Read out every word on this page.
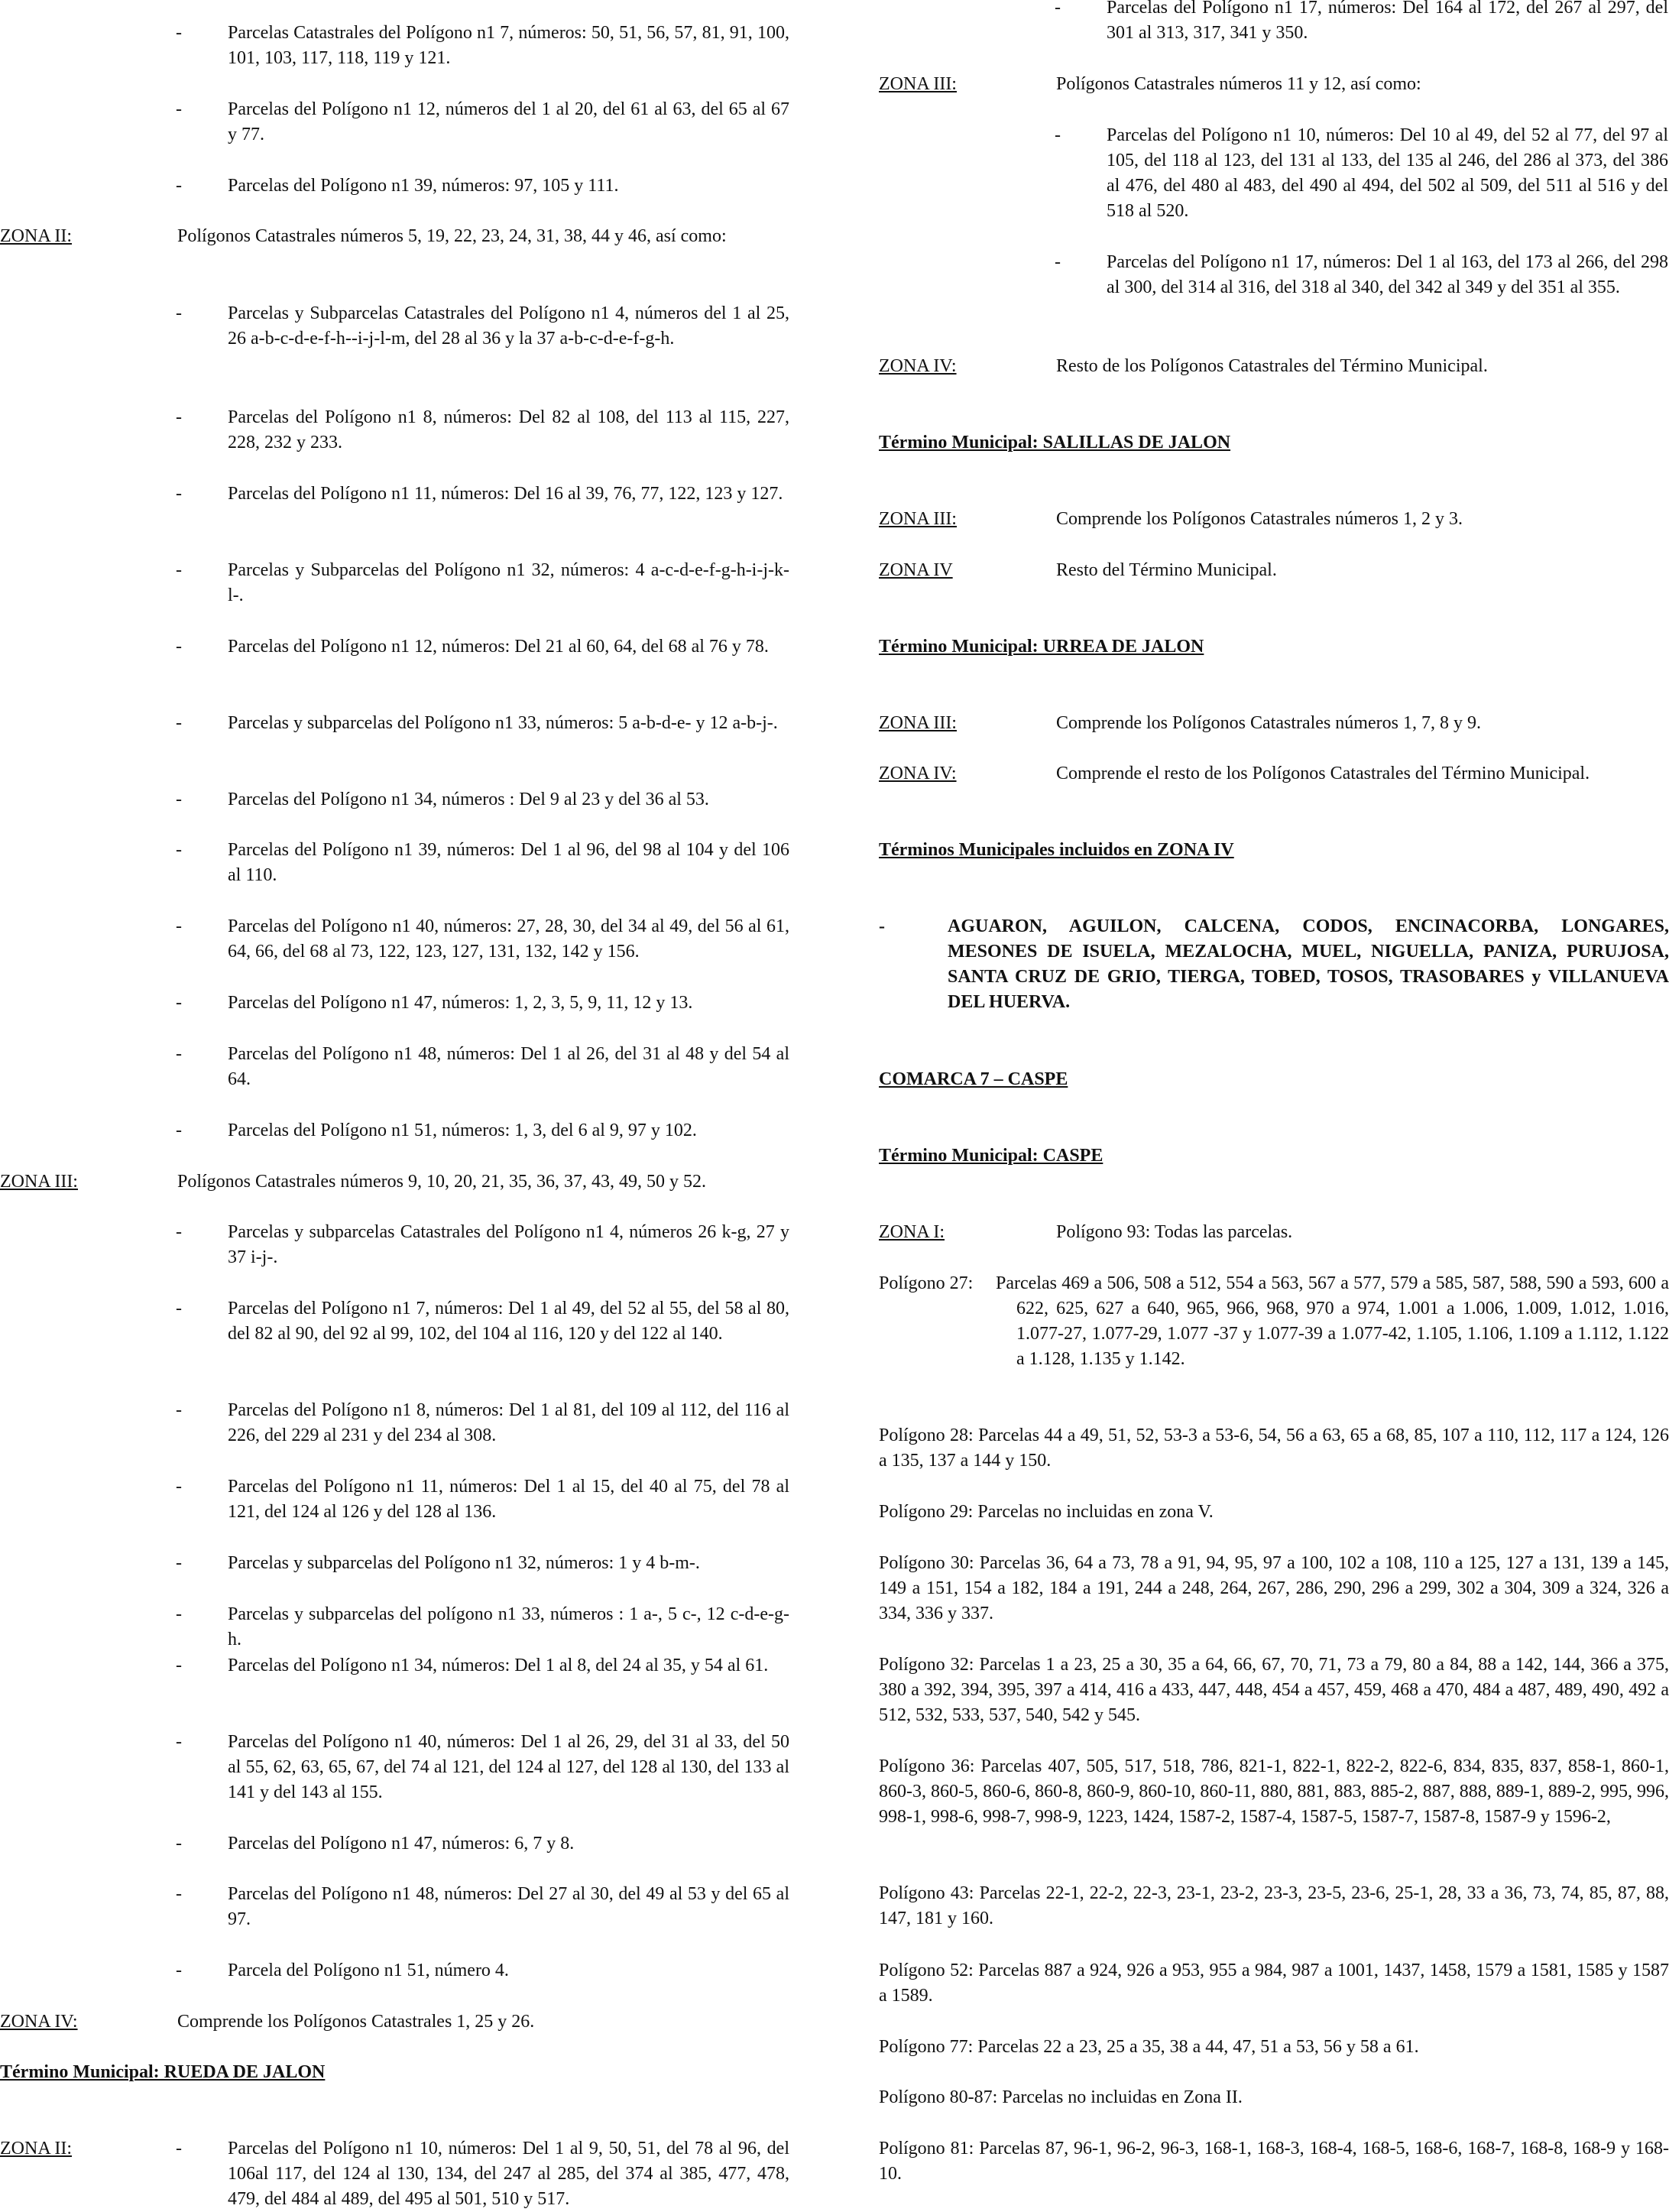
-	Parcelas Catastrales del Polígono n1 7, números: 50, 51, 56, 57, 81, 91, 100, 101, 103, 117, 118, 119 y 121.
-	Parcelas del Polígono n1 12, números del 1 al 20, del 61 al 63, del 65 al 67 y 77.
-	Parcelas del Polígono n1 39, números: 97, 105 y 111.
ZONA II:	Polígonos Catastrales números 5, 19, 22, 23, 24, 31, 38, 44 y 46, así como:
-	Parcelas y Subparcelas Catastrales del Polígono n1 4, números del 1 al 25, 26 a-b-c-d-e-f-h--i-j-l-m, del 28 al 36 y la 37 a-b-c-d-e-f-g-h.
-	Parcelas del Polígono n1 8, números: Del 82 al 108, del 113 al 115, 227, 228, 232 y 233.
-	Parcelas del Polígono n1 11, números: Del 16 al 39, 76, 77, 122, 123 y 127.
-	Parcelas y Subparcelas del Polígono n1 32, números: 4 a-c-d-e-f-g-h-i-j-k-l-.
-	Parcelas del Polígono n1 12, números: Del 21 al 60, 64, del 68 al 76 y 78.
-	Parcelas y subparcelas del Polígono n1 33, números: 5 a-b-d-e- y 12 a-b-j-.
-	Parcelas del Polígono n1 34, números : Del 9 al 23 y del 36 al 53.
-	Parcelas del Polígono n1 39, números: Del 1 al 96, del 98 al 104 y del 106 al 110.
-	Parcelas del Polígono n1 40, números: 27, 28, 30, del 34 al 49, del 56 al 61, 64, 66, del 68 al 73, 122, 123, 127, 131, 132, 142 y 156.
-	Parcelas del Polígono n1 47, números: 1, 2, 3, 5, 9, 11, 12 y 13.
-	Parcelas del Polígono n1 48, números: Del 1 al 26, del 31 al 48 y del 54 al 64.
-	Parcelas del Polígono n1 51, números: 1, 3, del 6 al 9, 97 y 102.
ZONA III:	Polígonos Catastrales números 9, 10, 20, 21, 35, 36, 37, 43, 49, 50 y 52.
-	Parcelas y subparcelas Catastrales del Polígono n1 4, números 26 k-g, 27 y 37 i-j-.
-	Parcelas del Polígono n1 7, números: Del 1 al 49, del 52 al 55, del 58 al 80, del 82 al 90, del 92 al 99, 102, del 104 al 116, 120 y del 122 al 140.
-	Parcelas del Polígono n1 8, números: Del 1 al 81, del 109 al 112, del 116 al 226, del 229 al 231 y del 234 al 308.
-	Parcelas del Polígono n1 11, números: Del 1 al 15, del 40 al 75, del 78 al 121, del 124 al 126 y del 128 al 136.
-	Parcelas y subparcelas del Polígono n1 32, números: 1 y 4 b-m-.
-	Parcelas y subparcelas del polígono n1 33, números : 1 a-, 5 c-, 12 c-d-e-g-h.
-	Parcelas del Polígono n1 34, números: Del 1 al 8, del 24 al 35, y 54 al 61.
-	Parcelas del Polígono n1 40, números: Del 1 al 26, 29, del 31 al 33, del 50 al 55, 62, 63, 65, 67, del 74 al 121, del 124 al 127, del 128 al 130, del 133 al 141 y del 143 al 155.
-	Parcelas del Polígono n1 47, números: 6, 7 y 8.
-	Parcelas del Polígono n1 48, números: Del 27 al 30, del 49 al 53 y del 65 al 97.
-	Parcela del Polígono n1 51, número 4.
ZONA IV:	Comprende los Polígonos Catastrales 1, 25 y 26.
Término Municipal: RUEDA DE JALON
ZONA II:	-	Parcelas del Polígono n1 10, números: Del 1 al 9, 50, 51, del 78 al 96, del 106al 117, del 124 al 130, 134, del 247 al 285, del 374 al 385, 477, 478, 479, del 484 al 489, del 495 al 501, 510 y 517.
-	Parcelas del Polígono n1 17, números: Del 164 al 172, del 267 al 297, del 301 al 313, 317, 341 y 350.
ZONA III:	Polígonos Catastrales números 11 y 12, así como:
-	Parcelas del Polígono n1 10, números: Del 10 al 49, del 52 al 77, del 97 al 105, del 118 al 123, del 131 al 133, del 135 al 246, del 286 al 373, del 386 al 476, del 480 al 483, del 490 al 494, del 502 al 509, del 511 al 516 y del 518 al 520.
-	Parcelas del Polígono n1 17, números: Del 1 al 163, del 173 al 266, del 298 al 300, del 314 al 316, del 318 al 340, del 342 al 349 y del 351 al 355.
ZONA IV:	Resto de los Polígonos Catastrales del Término Municipal.
Término Municipal: SALILLAS DE JALON
ZONA III:	Comprende los Polígonos Catastrales números 1, 2 y 3.
ZONA IV	Resto del Término Municipal.
Término Municipal: URREA DE JALON
ZONA III:	Comprende los Polígonos Catastrales números 1, 7, 8 y 9.
ZONA IV:	Comprende el resto de los Polígonos Catastrales del Término Municipal.
Términos Municipales incluidos en ZONA IV
-	AGUARON, AGUILON, CALCENA, CODOS, ENCINACORBA, LONGARES, MESONES DE ISUELA, MEZALOCHA, MUEL, NIGUELLA, PANIZA, PURUJOSA, SANTA CRUZ DE GRIO, TIERGA, TOBED, TOSOS, TRASOBARES y VILLANUEVA DEL HUERVA.
COMARCA 7 – CASPE
Término Municipal: CASPE
ZONA I:	Polígono 93: Todas las parcelas.
Polígono 27:	Parcelas 469 a 506, 508 a 512, 554 a 563, 567 a 577, 579 a 585, 587, 588, 590 a 593, 600 a 622, 625, 627 a 640, 965, 966, 968, 970 a 974, 1.001 a 1.006, 1.009, 1.012, 1.016, 1.077-27, 1.077-29, 1.077 -37 y 1.077-39 a 1.077-42, 1.105, 1.106, 1.109 a 1.112, 1.122 a 1.128, 1.135 y 1.142.
Polígono 28: Parcelas 44 a 49, 51, 52, 53-3 a 53-6, 54, 56 a 63, 65 a 68, 85, 107 a 110, 112, 117 a 124, 126 a 135, 137 a 144 y 150.
Polígono 29: Parcelas no incluidas en zona V.
Polígono 30: Parcelas 36, 64 a 73, 78 a 91, 94, 95, 97 a 100, 102 a 108, 110 a 125, 127 a 131, 139 a 145, 149 a 151, 154 a 182, 184 a 191, 244 a 248, 264, 267, 286, 290, 296 a 299, 302 a 304, 309 a 324, 326 a 334, 336 y 337.
Polígono 32: Parcelas 1 a 23, 25 a 30, 35 a 64, 66, 67, 70, 71, 73 a 79, 80 a 84, 88 a 142, 144, 366 a 375, 380 a 392, 394, 395, 397 a 414, 416 a 433, 447, 448, 454 a 457, 459, 468 a 470, 484 a 487, 489, 490, 492 a 512, 532, 533, 537, 540, 542 y 545.
Polígono 36: Parcelas 407, 505, 517, 518, 786, 821-1, 822-1, 822-2, 822-6, 834, 835, 837, 858-1, 860-1, 860-3, 860-5, 860-6, 860-8, 860-9, 860-10, 860-11, 880, 881, 883, 885-2, 887, 888, 889-1, 889-2, 995, 996, 998-1, 998-6, 998-7, 998-9, 1223, 1424, 1587-2, 1587-4, 1587-5, 1587-7, 1587-8, 1587-9 y 1596-2,
Polígono 43: Parcelas 22-1, 22-2, 22-3, 23-1, 23-2, 23-3, 23-5, 23-6, 25-1, 28, 33 a 36, 73, 74, 85, 87, 88, 147, 181 y 160.
Polígono 52: Parcelas 887 a 924, 926 a 953, 955 a 984, 987 a 1001, 1437, 1458, 1579 a 1581, 1585 y 1587 a 1589.
Polígono 77: Parcelas 22 a 23, 25 a 35, 38 a 44, 47, 51 a 53, 56 y 58 a 61.
Polígono 80-87: Parcelas no incluidas en Zona II.
Polígono 81: Parcelas 87, 96-1, 96-2, 96-3, 168-1, 168-3, 168-4, 168-5, 168-6, 168-7, 168-8, 168-9 y 168-10.
